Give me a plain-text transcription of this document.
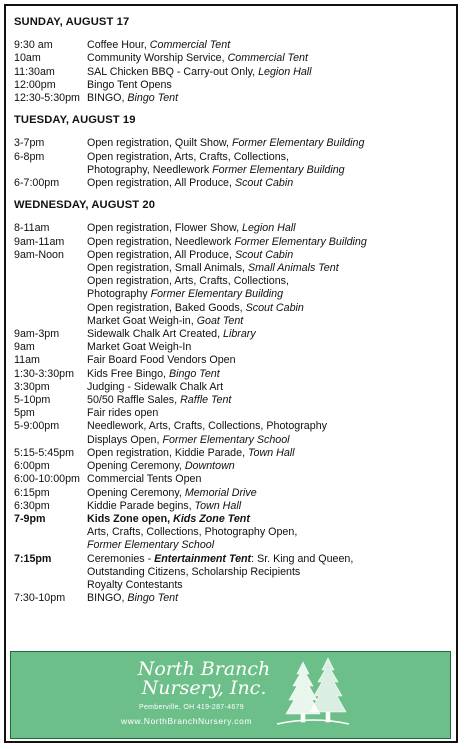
SUNDAY, AUGUST 17
9:30 am	Coffee Hour, Commercial Tent
10am	Community Worship Service, Commercial Tent
11:30am	SAL Chicken BBQ - Carry-out Only, Legion Hall
12:00pm	Bingo Tent Opens
12:30-5:30pm BINGO, Bingo Tent
TUESDAY, AUGUST 19
3-7pm	Open registration, Quilt Show, Former Elementary Building
6-8pm	Open registration, Arts, Crafts, Collections,
Photography, Needlework Former Elementary Building
6-7:00pm	Open registration, All Produce, Scout Cabin
WEDNESDAY, AUGUST 20
8-11am	Open registration, Flower Show, Legion Hall
9am-11am	Open registration, Needlework Former Elementary Building
9am-Noon	Open registration, All Produce, Scout Cabin
Open registration, Small Animals, Small Animals Tent
Open registration, Arts, Crafts, Collections,
Photography Former Elementary Building
Open registration, Baked Goods, Scout Cabin
Market Goat Weigh-in, Goat Tent
9am-3pm	Sidewalk Chalk Art Created, Library
9am	Market Goat Weigh-In
11am	Fair Board Food Vendors Open
1:30-3:30pm	Kids Free Bingo, Bingo Tent
3:30pm	Judging - Sidewalk Chalk Art
5-10pm	50/50 Raffle Sales, Raffle Tent
5pm	Fair rides open
5-9:00pm	Needlework, Arts, Crafts, Collections, Photography
Displays Open, Former Elementary School
5:15-5:45pm	Open registration, Kiddie Parade, Town Hall
6:00pm	Opening Ceremony, Downtown
6:00-10:00pm Commercial Tents Open
6:15pm	Opening Ceremony, Memorial Drive
6:30pm	Kiddie Parade begins, Town Hall
7-9pm	Kids Zone open, Kids Zone Tent
Arts, Crafts, Collections, Photography Open,
Former Elementary School
7:15pm	Ceremonies - Entertainment Tent: Sr. King and Queen,
Outstanding Citizens, Scholarship Recipients
Royalty Contestants
7:30-10pm	BINGO, Bingo Tent
North Branch
Nursery, Inc.
Pemberville, OH 419-287-4679
www.NorthBranchNursery.com
